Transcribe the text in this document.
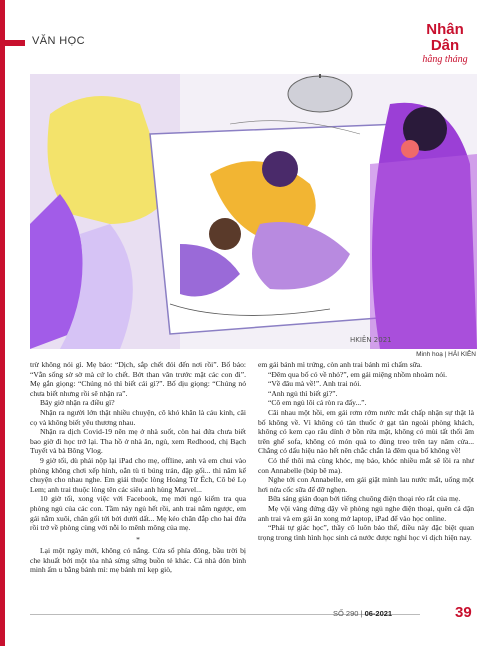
VĂN HỌC
Nhân Dân
hằng tháng
HKIÊN 2021
Minh hoạ | HẢI KIÊN

trừ không nói gì. Mẹ bảo: “Dịch, sắp chết đói đến nơi rồi”. Bố bảo: “Vẫn sống sờ sờ mà cứ lo chết. Bớt than vãn trước mặt các con đi”. Mẹ gắn giọng: “Chúng nó thì biết cái gì?”. Bố dịu giọng: “Chúng nó chưa biết nhưng rồi sẽ nhận ra”.

Bây giờ nhận ra điều gì?

Nhận ra người lớn thật nhiều chuyện, cô khó khăn là cáu kỉnh, cãi cọ và không biết yêu thương nhau.

Nhận ra dịch Covid-19 nên mẹ ở nhà suốt, còn hai đứa chưa biết bao giờ đi học trở lại. Tha hồ ở nhà ăn, ngủ, xem Redhood, chị Bạch Tuyết và bà Bông Vlog.

9 giờ tối, dù phải nộp lại iPad cho mẹ, offline, anh và em chui vào phòng không chơi xếp hình, oẳn tù tì búng trán, đập gối... thì năm kể chuyện cho nhau nghe. Em giải thuộc lòng Hoàng Tử Ếch, Cô bé Lọ Lem; anh trai thuộc lòng tên các siêu anh hùng Marvel...

10 giờ tối, xong việc với Facebook, mẹ mới ngó kiếm tra qua phòng ngủ của các con. Tầm này ngủ hết rồi, anh trai nằm ngược, em gái nằm xuôi, chân gối tới bởi dưới dất... Mẹ kéo chăn đắp cho hai đứa rồi trở về phòng cùng với nỗi lo mênh mông của mẹ.

*

Lại một ngày mới, không có nắng. Cửa sổ phía đông, bầu trời bị che khuất bởi một tòa nhà sừng sững buồn tẻ khác. Cả nhà đón bình minh ấm u bằng bánh mì: mẹ bánh mì kẹp giò,

em gái bánh mì trứng, còn anh trai bánh mì chấm sữa.

“Đêm qua bố có về nhỏ?”, em gái miệng nhồm nhoàm nói.

“Về đâu mà về!”. Anh trai nói.

“Anh ngủ thì biết gì?”.

“Cô em ngủ lôi cả ròn ra đấy...”.

Cãi nhau một hồi, em gái rơm rớm nước mắt chấp nhận sự thật là bố không về. Vì không có tàn thuốc ở gạt tàn ngoài phòng khách, không có kem cạo râu dính ở bồn rửa mặt, không có mùi tất thối âm trên ghế sofa, không có món quà to đùng treo trên tay năm cửa... Chẳng có dấu hiệu nào hết nên chắc chắn là đêm qua bố không về!

Có thể thôi mà cùng khóc, mẹ bảo, khóc nhiều mắt sẽ lồi ra như con Annabelle (búp bê ma).

Nghe tới con Annabelle, em gái giật mình lau nước mắt, uống một hơi nửa cốc sữa để đỡ nghẹn.

Bữa sáng giản đoạn bởi tiếng chuông điện thoại réo rắt của mẹ.

Mẹ vội vàng đứng dậy về phòng ngủ nghe điện thoại, quên cả dặn anh trai và em gái ăn xong mở laptop, iPad để vào học online.

“Phải tự giác học”, thầy cô luôn bảo thế, điều này đặc biệt quan trọng trong tình hình học sinh cả nước được nghỉ học vì dịch hiện nay.

SỐ 290 | 06-2021	39
